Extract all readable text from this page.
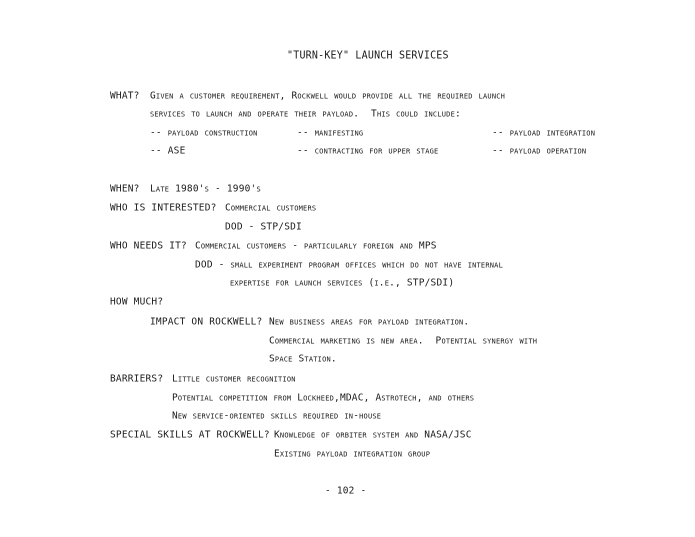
"TURN-KEY" LAUNCH SERVICES
WHAT? Given a customer requirement, Rockwell would provide all the required launch
services to launch and operate their payload.  This could include:
-- payload construction	-- manifesting	-- payload integration
-- ASE	-- contracting for upper stage	-- payload operation
WHEN? Late 1980's - 1990's
WHO IS INTERESTED? Commercial customers
DOD - STP/SDI
WHO NEEDS IT? Commercial customers - particularly foreign and MPS
DOD - small experiment program offices which do not have internal
expertise for launch services (i.e., STP/SDI)
HOW MUCH?
IMPACT ON ROCKWELL? New business areas for payload integration.
Commercial marketing is new area.  Potential synergy with
Space Station.
BARRIERS? Little customer recognition
Potential competition from Lockheed,MDAC, Astrotech, and others
New service-oriented skills required in-house
SPECIAL SKILLS AT ROCKWELL? Knowledge of orbiter system and NASA/JSC
Existing payload integration group
- 102 -
